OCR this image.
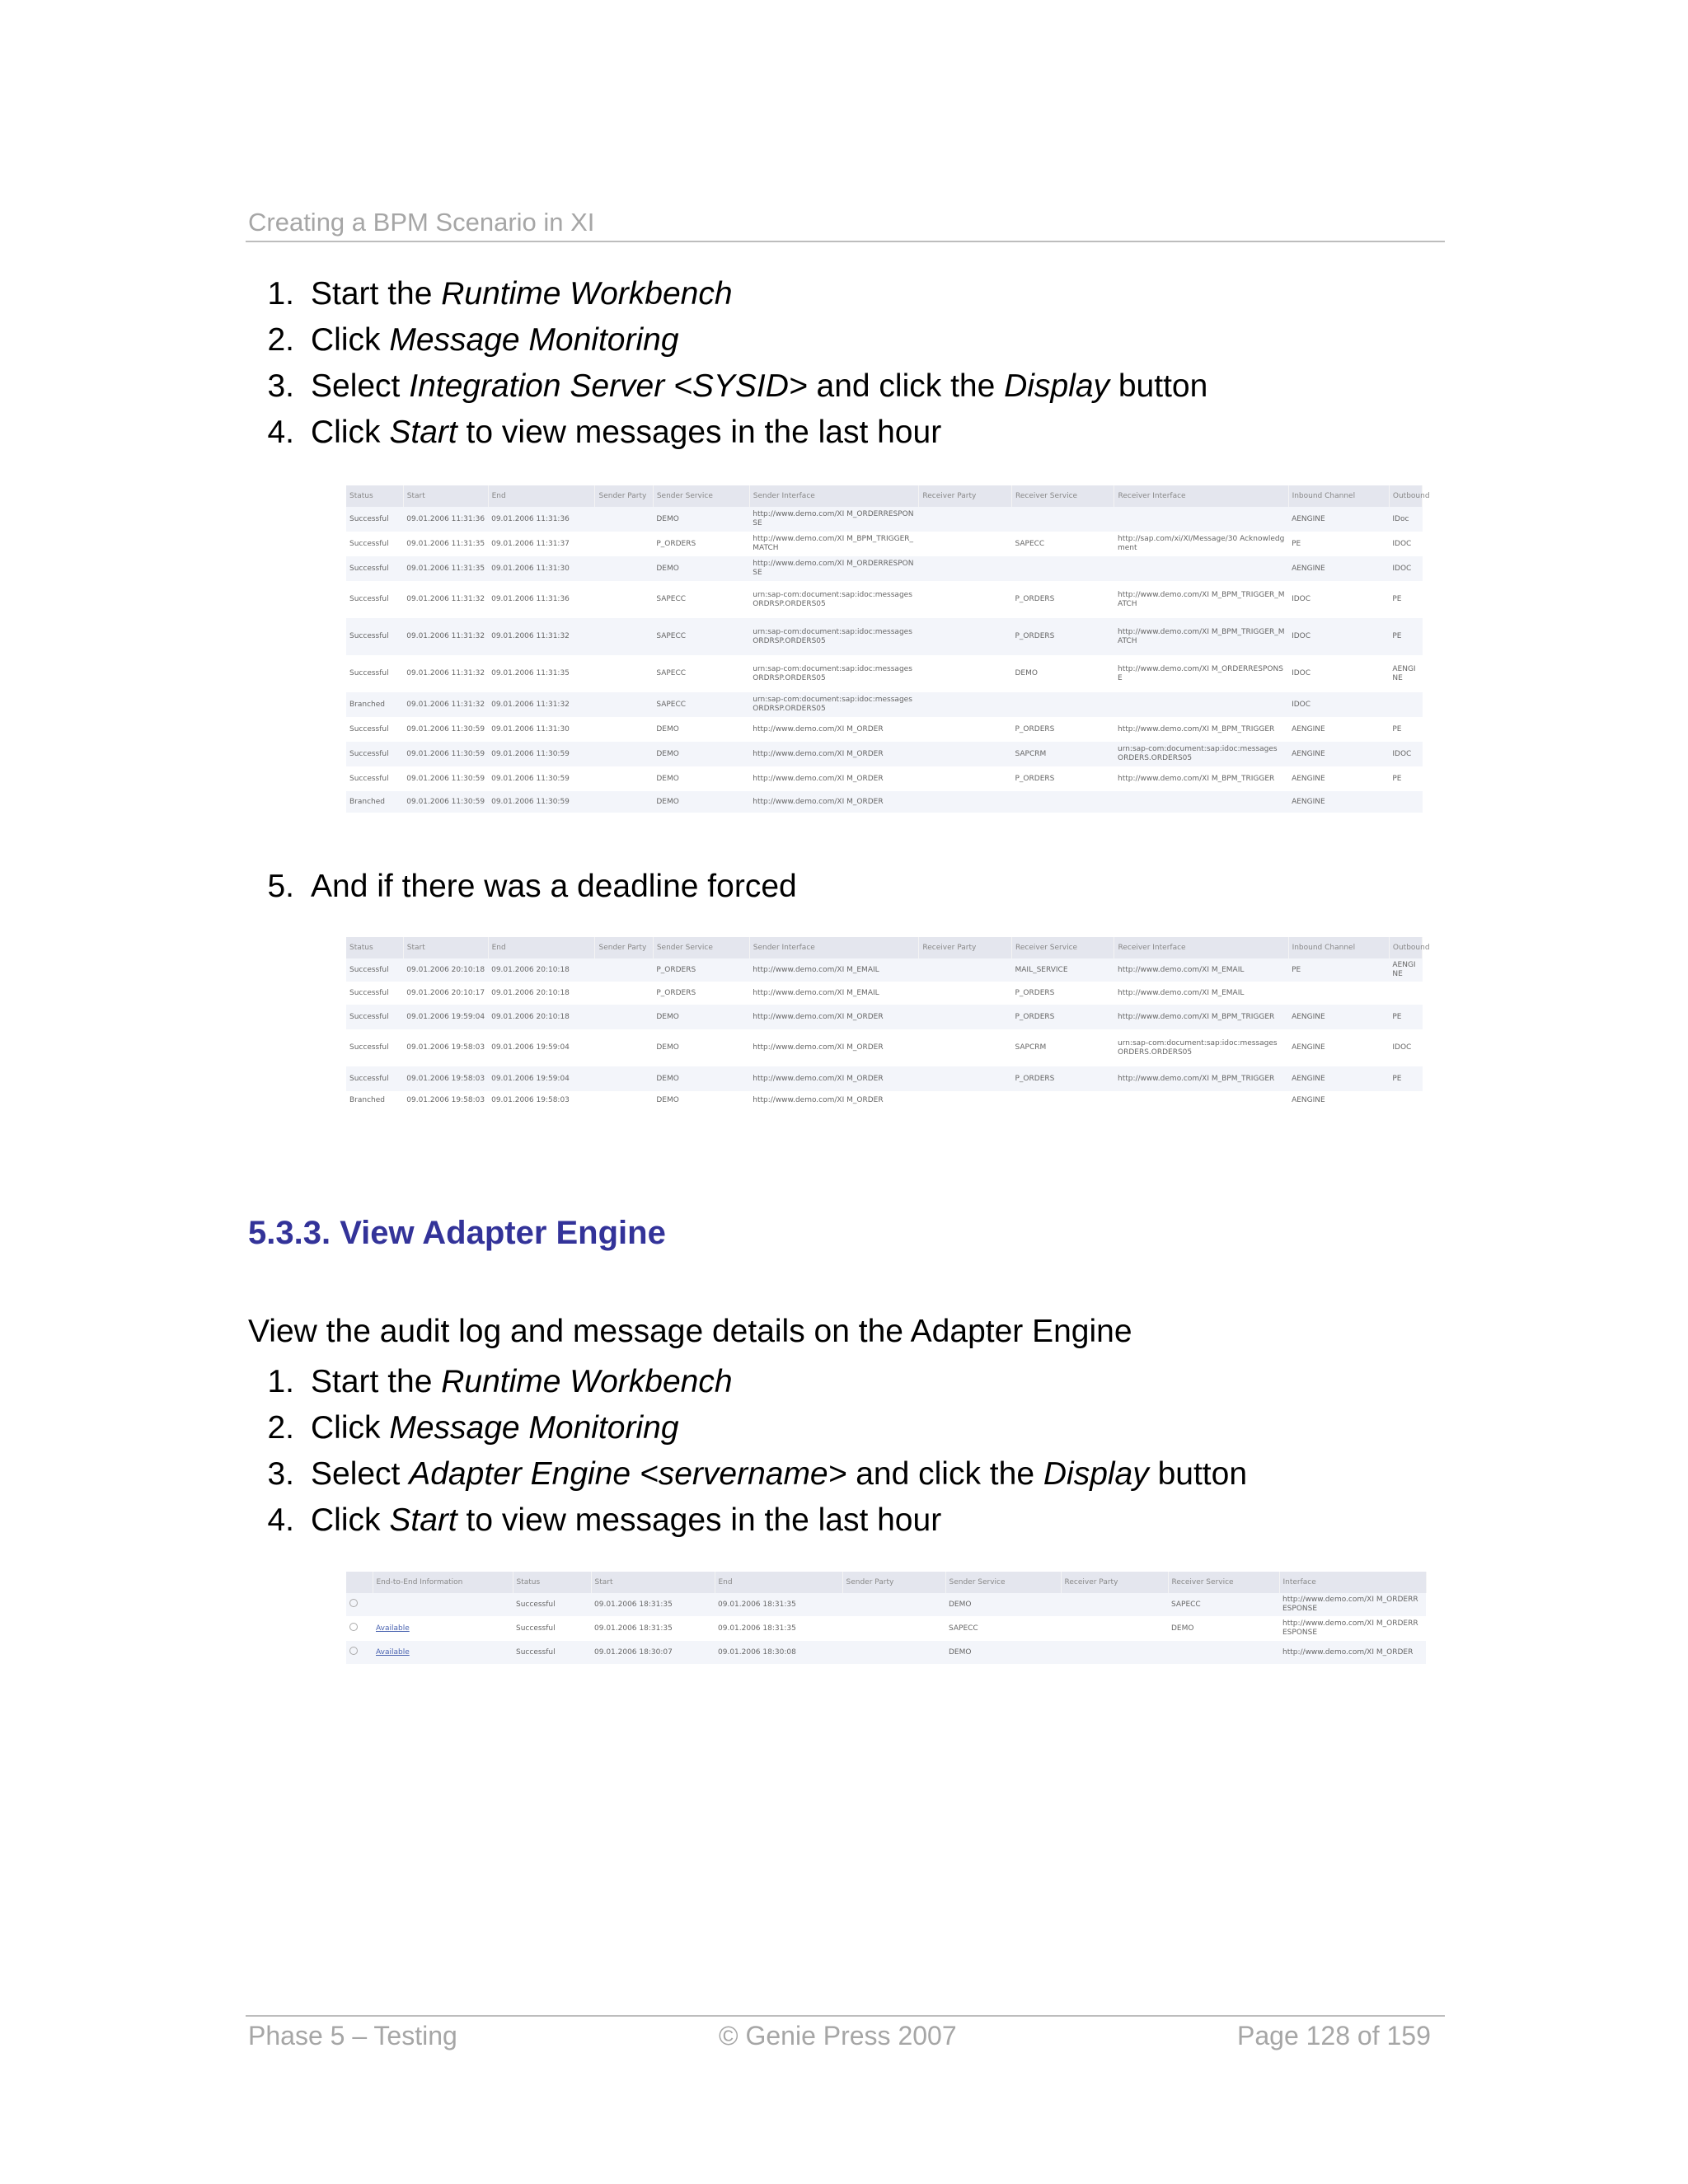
Creating a BPM Scenario in XI
1. Start the Runtime Workbench
2. Click Message Monitoring
3. Select Integration Server <SYSID> and click the Display button
4. Click Start to view messages in the last hour
Status	Start	End	Sender Party	Sender Service	Sender Interface	Receiver Party	Receiver Service	Receiver Interface	Inbound Channel	Outbound
Successful	09.01.2006 11:31:36	09.01.2006 11:31:36		DEMO	http://www.demo.com/XI M_ORDERRESPONSE				AENGINE	IDoc
Successful	09.01.2006 11:31:35	09.01.2006 11:31:37		P_ORDERS	http://www.demo.com/XI M_BPM_TRIGGER_MATCH		SAPECC	http://sap.com/xi/XI/Message/30 Acknowledgment	PE	IDOC
Successful	09.01.2006 11:31:35	09.01.2006 11:31:30		DEMO	http://www.demo.com/XI M_ORDERRESPONSE				AENGINE	IDOC
Successful	09.01.2006 11:31:32	09.01.2006 11:31:36		SAPECC	urn:sap-com:document:sap:idoc:messages ORDRSP.ORDERS05		P_ORDERS	http://www.demo.com/XI M_BPM_TRIGGER_MATCH	IDOC	PE
Successful	09.01.2006 11:31:32	09.01.2006 11:31:32		SAPECC	urn:sap-com:document:sap:idoc:messages ORDRSP.ORDERS05		P_ORDERS	http://www.demo.com/XI M_BPM_TRIGGER_MATCH	IDOC	PE
Successful	09.01.2006 11:31:32	09.01.2006 11:31:35		SAPECC	urn:sap-com:document:sap:idoc:messages ORDRSP.ORDERS05		DEMO	http://www.demo.com/XI M_ORDERRESPONSE	IDOC	AENGINE
Branched	09.01.2006 11:31:32	09.01.2006 11:31:32		SAPECC	urn:sap-com:document:sap:idoc:messages ORDRSP.ORDERS05				IDOC	
Successful	09.01.2006 11:30:59	09.01.2006 11:31:30		DEMO	http://www.demo.com/XI M_ORDER		P_ORDERS	http://www.demo.com/XI M_BPM_TRIGGER	AENGINE	PE
Successful	09.01.2006 11:30:59	09.01.2006 11:30:59		DEMO	http://www.demo.com/XI M_ORDER		SAPCRM	urn:sap-com:document:sap:idoc:messages ORDERS.ORDERS05	AENGINE	IDOC
Successful	09.01.2006 11:30:59	09.01.2006 11:30:59		DEMO	http://www.demo.com/XI M_ORDER		P_ORDERS	http://www.demo.com/XI M_BPM_TRIGGER	AENGINE	PE
Branched	09.01.2006 11:30:59	09.01.2006 11:30:59		DEMO	http://www.demo.com/XI M_ORDER				AENGINE	
5. And if there was a deadline forced
Status	Start	End	Sender Party	Sender Service	Sender Interface	Receiver Party	Receiver Service	Receiver Interface	Inbound Channel	Outbound
Successful	09.01.2006 20:10:18	09.01.2006 20:10:18		P_ORDERS	http://www.demo.com/XI M_EMAIL		MAIL_SERVICE	http://www.demo.com/XI M_EMAIL	PE	AENGINE
Successful	09.01.2006 20:10:17	09.01.2006 20:10:18		P_ORDERS	http://www.demo.com/XI M_EMAIL		P_ORDERS	http://www.demo.com/XI M_EMAIL		
Successful	09.01.2006 19:59:04	09.01.2006 20:10:18		DEMO	http://www.demo.com/XI M_ORDER		P_ORDERS	http://www.demo.com/XI M_BPM_TRIGGER	AENGINE	PE
Successful	09.01.2006 19:58:03	09.01.2006 19:59:04		DEMO	http://www.demo.com/XI M_ORDER		SAPCRM	urn:sap-com:document:sap:idoc:messages ORDERS.ORDERS05	AENGINE	IDOC
Successful	09.01.2006 19:58:03	09.01.2006 19:59:04		DEMO	http://www.demo.com/XI M_ORDER		P_ORDERS	http://www.demo.com/XI M_BPM_TRIGGER	AENGINE	PE
Branched	09.01.2006 19:58:03	09.01.2006 19:58:03		DEMO	http://www.demo.com/XI M_ORDER				AENGINE	
5.3.3. View Adapter Engine
View the audit log and message details on the Adapter Engine
1. Start the Runtime Workbench
2. Click Message Monitoring
3. Select Adapter Engine <servername> and click the Display button
4. Click Start to view messages in the last hour
	End-to-End Information	Status	Start	End	Sender Party	Sender Service	Receiver Party	Receiver Service	Interface
		Successful	09.01.2006 18:31:35	09.01.2006 18:31:35		DEMO		SAPECC	http://www.demo.com/XI M_ORDERRESPONSE
	Available	Successful	09.01.2006 18:31:35	09.01.2006 18:31:35		SAPECC		DEMO	http://www.demo.com/XI M_ORDERRESPONSE
	Available	Successful	09.01.2006 18:30:07	09.01.2006 18:30:08		DEMO			http://www.demo.com/XI M_ORDER
Phase 5 – Testing	© Genie Press 2007	Page 128 of 159
